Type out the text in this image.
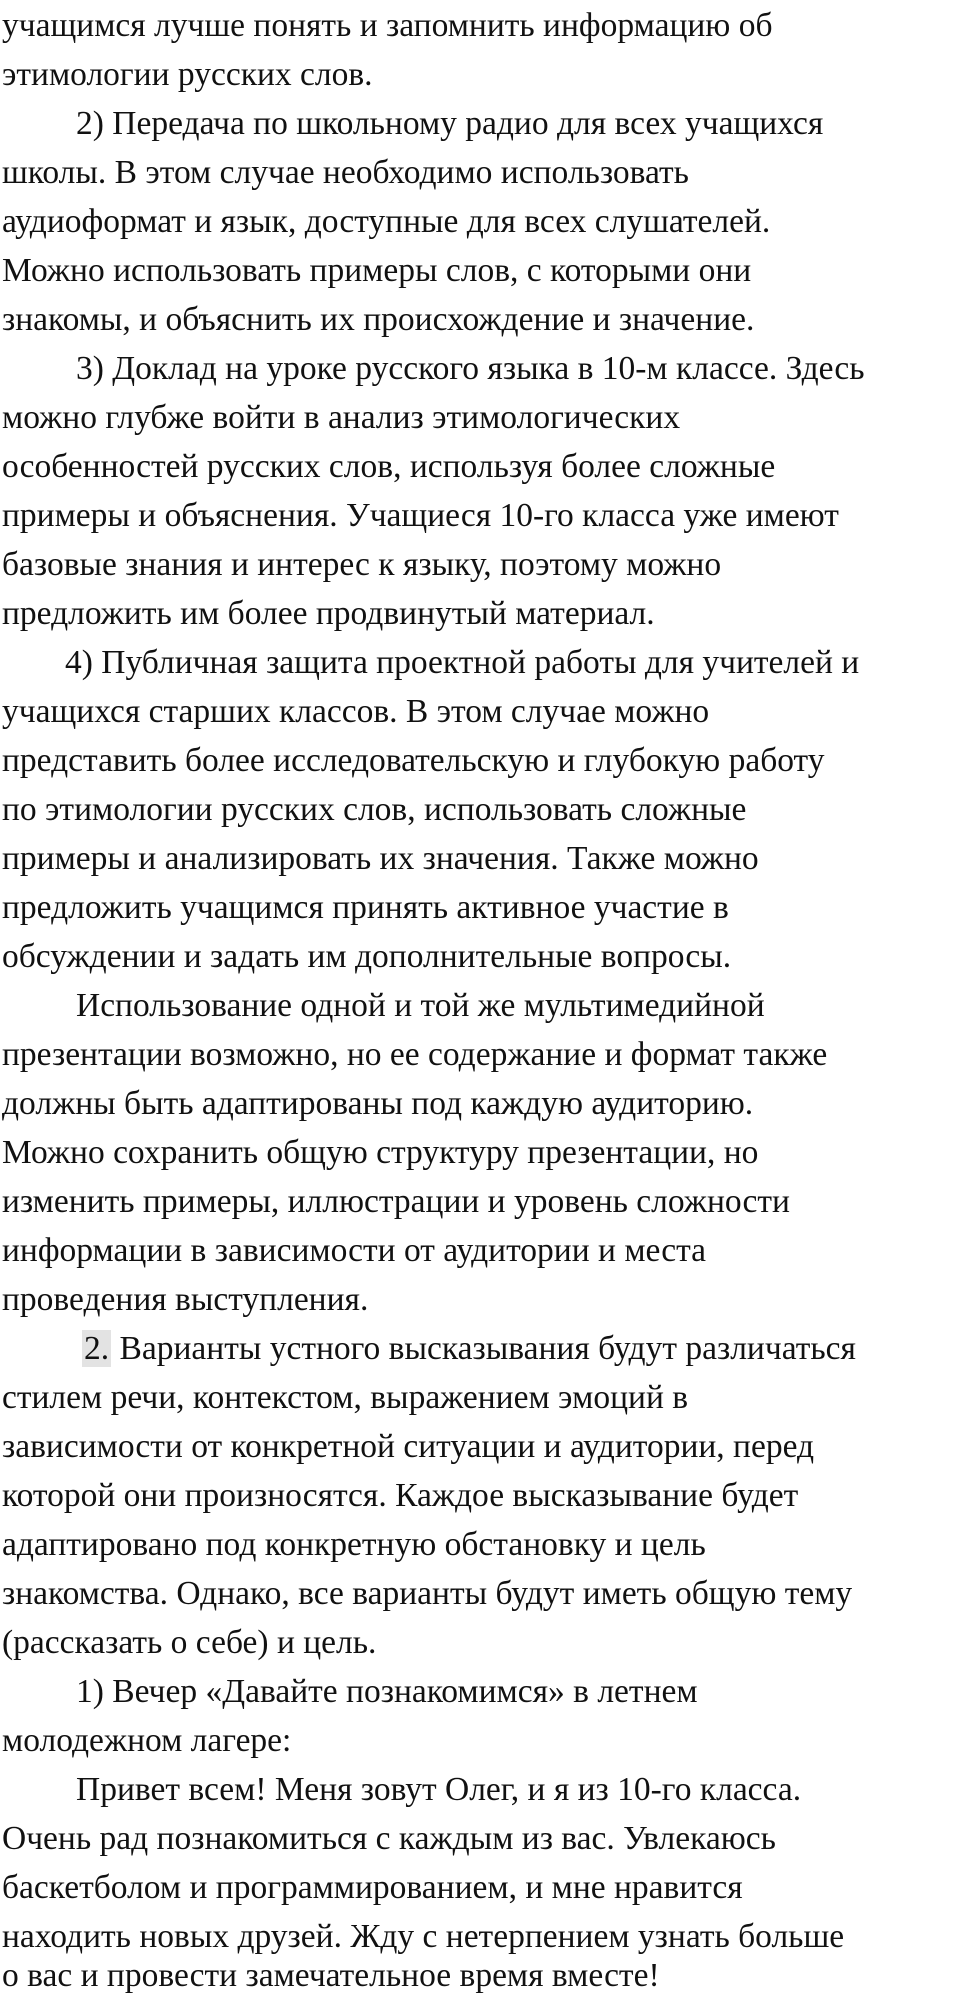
учащимся лучше понять и запомнить информацию об
этимологии русских слов.
2) Передача по школьному радио для всех учащихся
школы. В этом случае необходимо использовать
аудиоформат и язык, доступные для всех слушателей.
Можно использовать примеры слов, с которыми они
знакомы, и объяснить их происхождение и значение.
3) Доклад на уроке русского языка в 10-м классе. Здесь
можно глубже войти в анализ этимологических
особенностей русских слов, используя более сложные
примеры и объяснения. Учащиеся 10-го класса уже имеют
базовые знания и интерес к языку, поэтому можно
предложить им более продвинутый материал.
4) Публичная защита проектной работы для учителей и
учащихся старших классов. В этом случае можно
представить более исследовательскую и глубокую работу
по этимологии русских слов, использовать сложные
примеры и анализировать их значения. Также можно
предложить учащимся принять активное участие в
обсуждении и задать им дополнительные вопросы.
Использование одной и той же мультимедийной
презентации возможно, но ее содержание и формат также
должны быть адаптированы под каждую аудиторию.
Можно сохранить общую структуру презентации, но
изменить примеры, иллюстрации и уровень сложности
информации в зависимости от аудитории и места
проведения выступления.
2. Варианты устного высказывания будут различаться
стилем речи, контекстом, выражением эмоций в
зависимости от конкретной ситуации и аудитории, перед
которой они произносятся. Каждое высказывание будет
адаптировано под конкретную обстановку и цель
знакомства. Однако, все варианты будут иметь общую тему
(рассказать о себе) и цель.
1) Вечер «Давайте познакомимся» в летнем
молодежном лагере:
Привет всем! Меня зовут Олег, и я из 10-го класса.
Очень рад познакомиться с каждым из вас. Увлекаюсь
баскетболом и программированием, и мне нравится
находить новых друзей. Жду с нетерпением узнать больше
о вас и провести замечательное время вместе!
